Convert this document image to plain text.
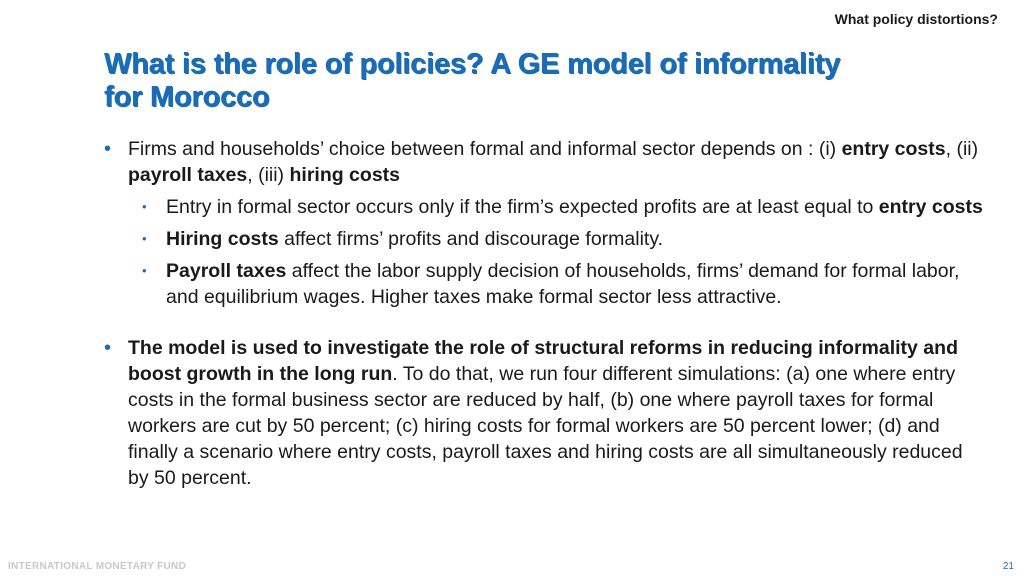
What policy distortions?
What is the role of policies? A GE model of informality for Morocco
• Firms and households’ choice between formal and informal sector depends on : (i) entry costs, (ii) payroll taxes, (iii) hiring costs
• Entry in formal sector occurs only if the firm’s expected profits are at least equal to entry costs
• Hiring costs affect firms’ profits and discourage formality.
• Payroll taxes affect the labor supply decision of households, firms’ demand for formal labor, and equilibrium wages. Higher taxes make formal sector less attractive.
• The model is used to investigate the role of structural reforms in reducing informality and boost growth in the long run. To do that, we run four different simulations: (a) one where entry costs in the formal business sector are reduced by half, (b) one where payroll taxes for formal workers are cut by 50 percent; (c) hiring costs for formal workers are 50 percent lower; (d) and finally a scenario where entry costs, payroll taxes and hiring costs are all simultaneously reduced by 50 percent.
INTERNATIONAL MONETARY FUND	21
